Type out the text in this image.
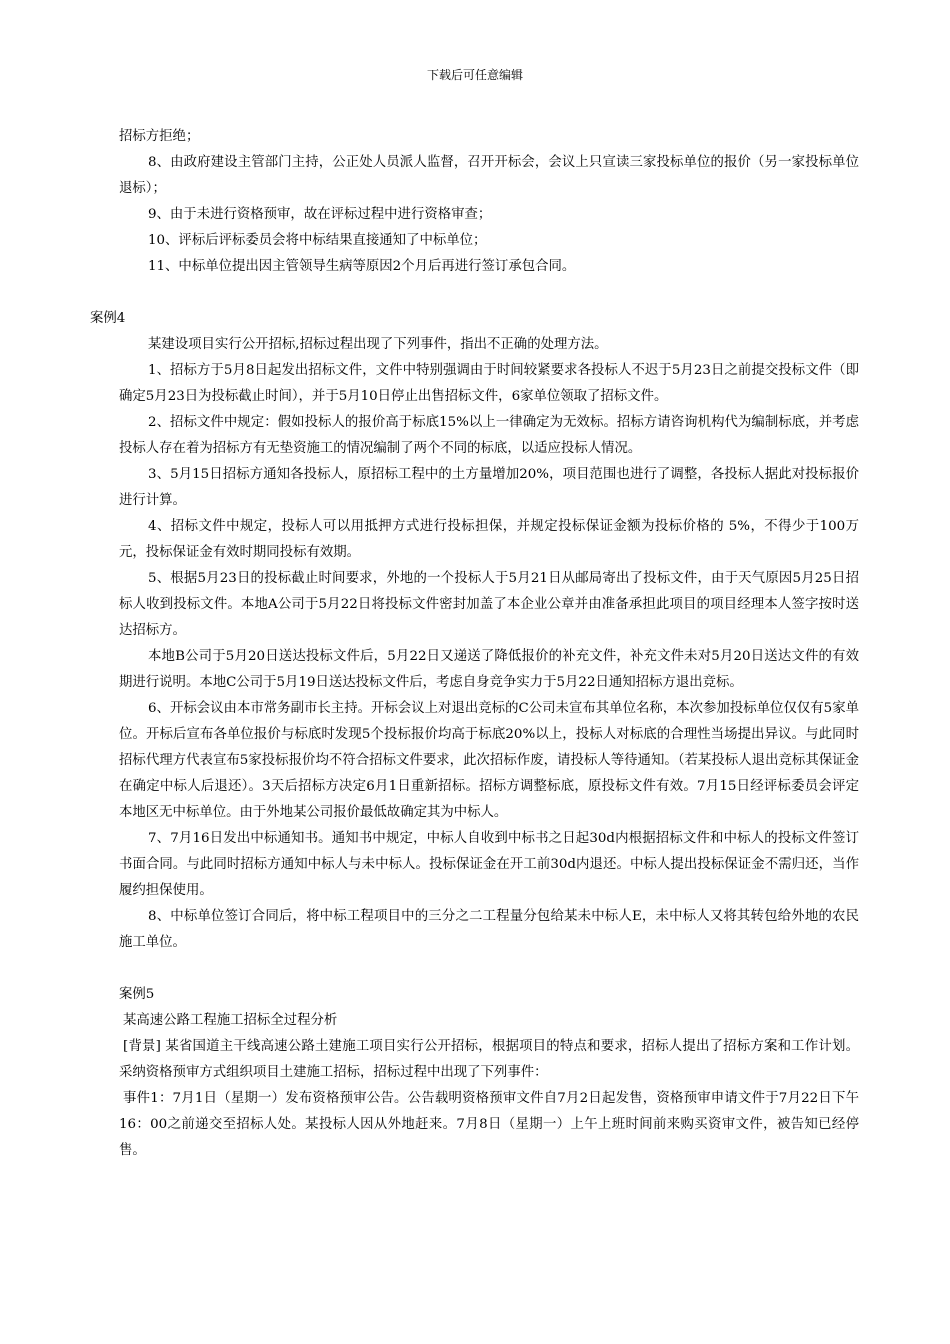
下载后可任意编辑

招标方拒绝；

8、由政府建设主管部门主持，公正处人员派人监督，召开开标会，会议上只宣读三家投标单位的报价（另一家投标单位退标）；

9、由于未进行资格预审，故在评标过程中进行资格审查；

10、评标后评标委员会将中标结果直接通知了中标单位；

11、中标单位提出因主管领导生病等原因2个月后再进行签订承包合同。

案例4

某建设项目实行公开招标,招标过程出现了下列事件，指出不正确的处理方法。

1、招标方于5月8日起发出招标文件，文件中特别强调由于时间较紧要求各投标人不迟于5月23日之前提交投标文件（即确定5月23日为投标截止时间），并于5月10日停止出售招标文件，6家单位领取了招标文件。

2、招标文件中规定：假如投标人的报价高于标底15%以上一律确定为无效标。招标方请咨询机构代为编制标底，并考虑投标人存在着为招标方有无垫资施工的情况编制了两个不同的标底，以适应投标人情况。

3、5月15日招标方通知各投标人，原招标工程中的土方量增加20%，项目范围也进行了调整，各投标人据此对投标报价进行计算。

4、招标文件中规定，投标人可以用抵押方式进行投标担保，并规定投标保证金额为投标价格的 5%，不得少于100万元，投标保证金有效时期同投标有效期。

5、根据5月23日的投标截止时间要求，外地的一个投标人于5月21日从邮局寄出了投标文件，由于天气原因5月25日招标人收到投标文件。本地A公司于5月22日将投标文件密封加盖了本企业公章并由准备承担此项目的项目经理本人签字按时送达招标方。

本地B公司于5月20日送达投标文件后，5月22日又递送了降低报价的补充文件，补充文件未对5月20日送达文件的有效期进行说明。本地C公司于5月19日送达投标文件后，考虑自身竞争实力于5月22日通知招标方退出竞标。

6、开标会议由本市常务副市长主持。开标会议上对退出竞标的C公司未宣布其单位名称，本次参加投标单位仅仅有5家单位。开标后宣布各单位报价与标底时发现5个投标报价均高于标底20%以上，投标人对标底的合理性当场提出异议。与此同时招标代理方代表宣布5家投标报价均不符合招标文件要求，此次招标作废，请投标人等待通知。（若某投标人退出竞标其保证金在确定中标人后退还）。3天后招标方决定6月1日重新招标。招标方调整标底，原投标文件有效。7月15日经评标委员会评定本地区无中标单位。由于外地某公司报价最低故确定其为中标人。

7、7月16日发出中标通知书。通知书中规定，中标人自收到中标书之日起30d内根据招标文件和中标人的投标文件签订书面合同。与此同时招标方通知中标人与未中标人。投标保证金在开工前30d内退还。中标人提出投标保证金不需归还，当作履约担保使用。

8、中标单位签订合同后，将中标工程项目中的三分之二工程量分包给某未中标人E，未中标人又将其转包给外地的农民施工单位。

案例5

某高速公路工程施工招标全过程分析

[背景] 某省国道主干线高速公路土建施工项目实行公开招标，根据项目的特点和要求，招标人提出了招标方案和工作计划。采纳资格预审方式组织项目土建施工招标，招标过程中出现了下列事件：

事件1：7月1日（星期一）发布资格预审公告。公告载明资格预审文件自7月2日起发售，资格预审申请文件于7月22日下午16：00之前递交至招标人处。某投标人因从外地赶来。7月8日（星期一）上午上班时间前来购买资审文件，被告知已经停售。
